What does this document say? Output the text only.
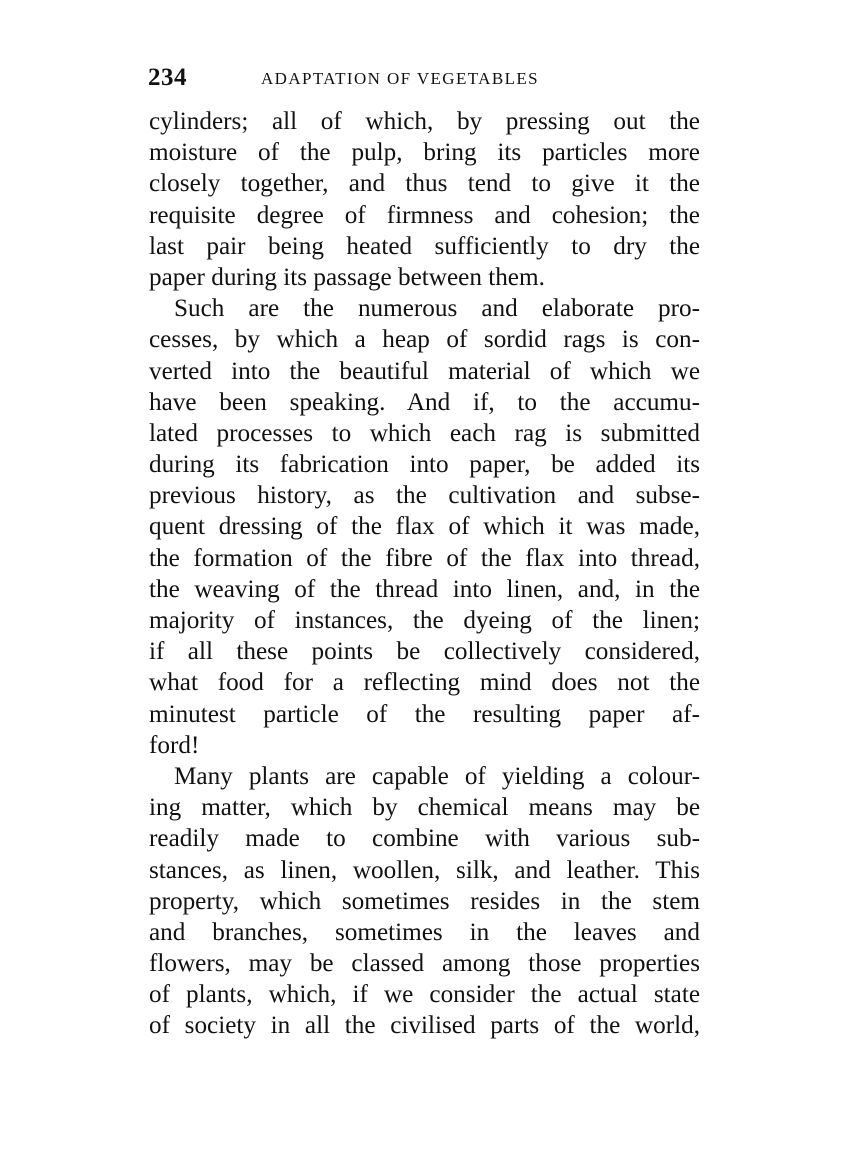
234	ADAPTATION OF VEGETABLES
cylinders; all of which, by pressing out the
moisture of the pulp, bring its particles more
closely together, and thus tend to give it the
requisite degree of firmness and cohesion; the
last pair being heated sufficiently to dry the
paper during its passage between them.
Such are the numerous and elaborate pro-
cesses, by which a heap of sordid rags is con-
verted into the beautiful material of which we
have been speaking. And if, to the accumu-
lated processes to which each rag is submitted
during its fabrication into paper, be added its
previous history, as the cultivation and subse-
quent dressing of the flax of which it was made,
the formation of the fibre of the flax into thread,
the weaving of the thread into linen, and, in the
majority of instances, the dyeing of the linen;
if all these points be collectively considered,
what food for a reflecting mind does not the
minutest particle of the resulting paper af-
ford!
Many plants are capable of yielding a colour-
ing matter, which by chemical means may be
readily made to combine with various sub-
stances, as linen, woollen, silk, and leather. This
property, which sometimes resides in the stem
and branches, sometimes in the leaves and
flowers, may be classed among those properties
of plants, which, if we consider the actual state
of society in all the civilised parts of the world,
